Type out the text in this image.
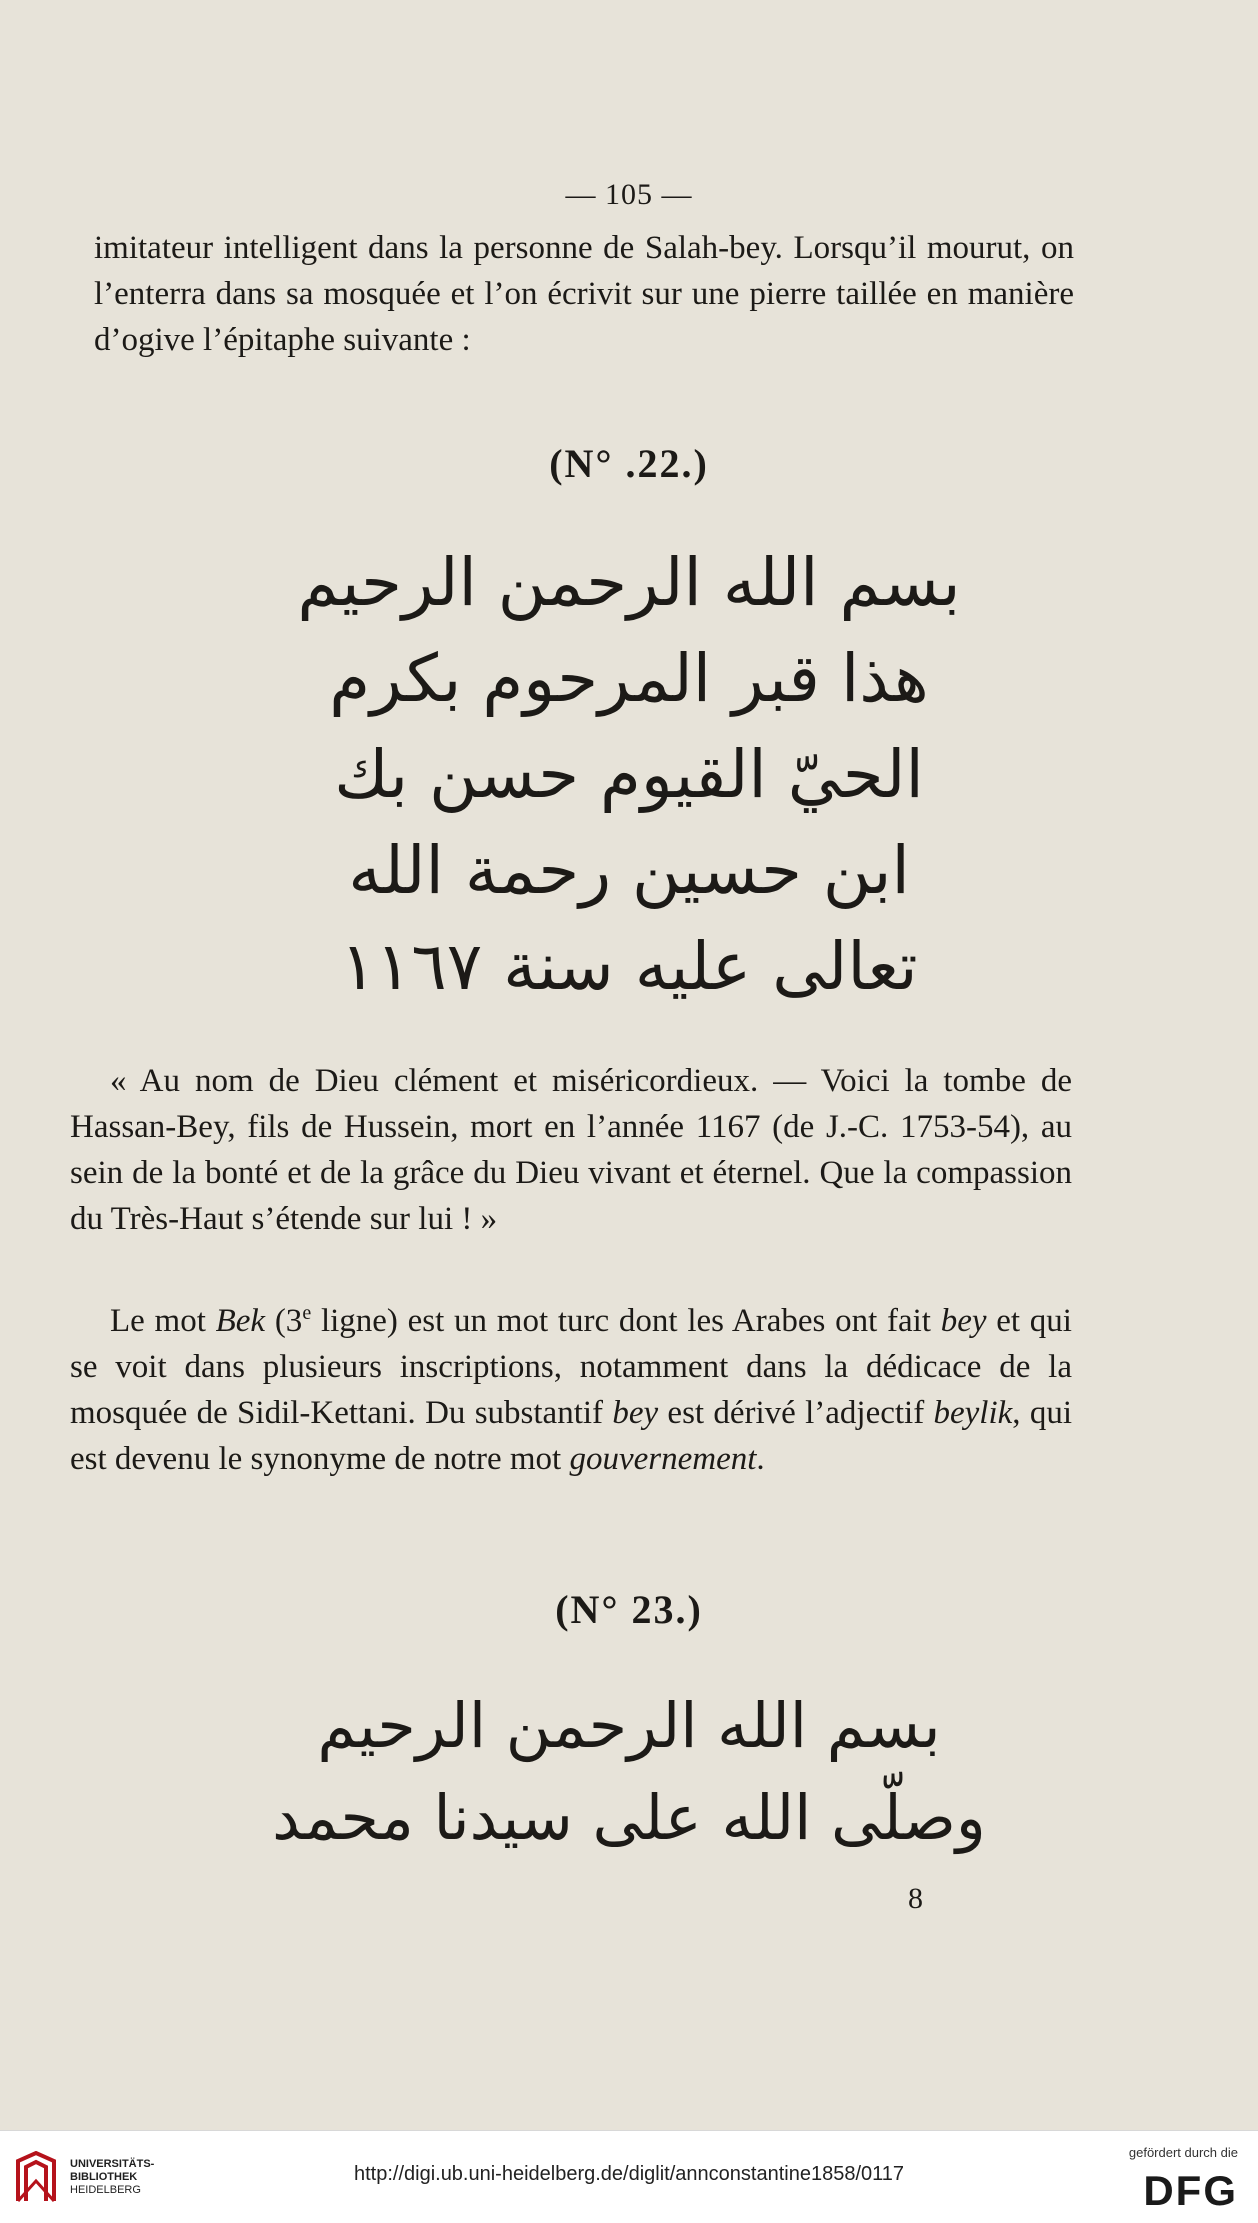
— 105 —

imitateur intelligent dans la personne de Salah-bey. Lorsqu’il mourut, on l’enterra dans sa mosquée et l’on écrivit sur une pierre taillée en manière d’ogive l’épitaphe suivante :

(N° .22.)
بسم الله الرحمن الرحيم
هذا قبر المرحوم بكرم
الحيّ القيوم حسن بك
ابن حسين رحمة الله
تعالى عليه سنة ١١٦٧

« Au nom de Dieu clément et miséricordieux. — Voici la tombe de Hassan-Bey, fils de Hussein, mort en l’année 1167 (de J.-C. 1753-54), au sein de la bonté et de la grâce du Dieu vivant et éternel. Que la compassion du Très-Haut s’étende sur lui ! »

Le mot Bek (3e ligne) est un mot turc dont les Arabes ont fait bey et qui se voit dans plusieurs inscriptions, notamment dans la dédicace de la mosquée de Sidil-Kettani. Du substantif bey est dérivé l’adjectif beylik, qui est devenu le synonyme de notre mot gouvernement.

(N° 23.)
بسم الله الرحمن الرحيم
وصلّى الله على سيدنا محمد
8
UNIVERSITÄTS-
BIBLIOTHEK
HEIDELBERG
http://digi.ub.uni-heidelberg.de/diglit/annconstantine1858/0117
gefördert durch die
DFG
